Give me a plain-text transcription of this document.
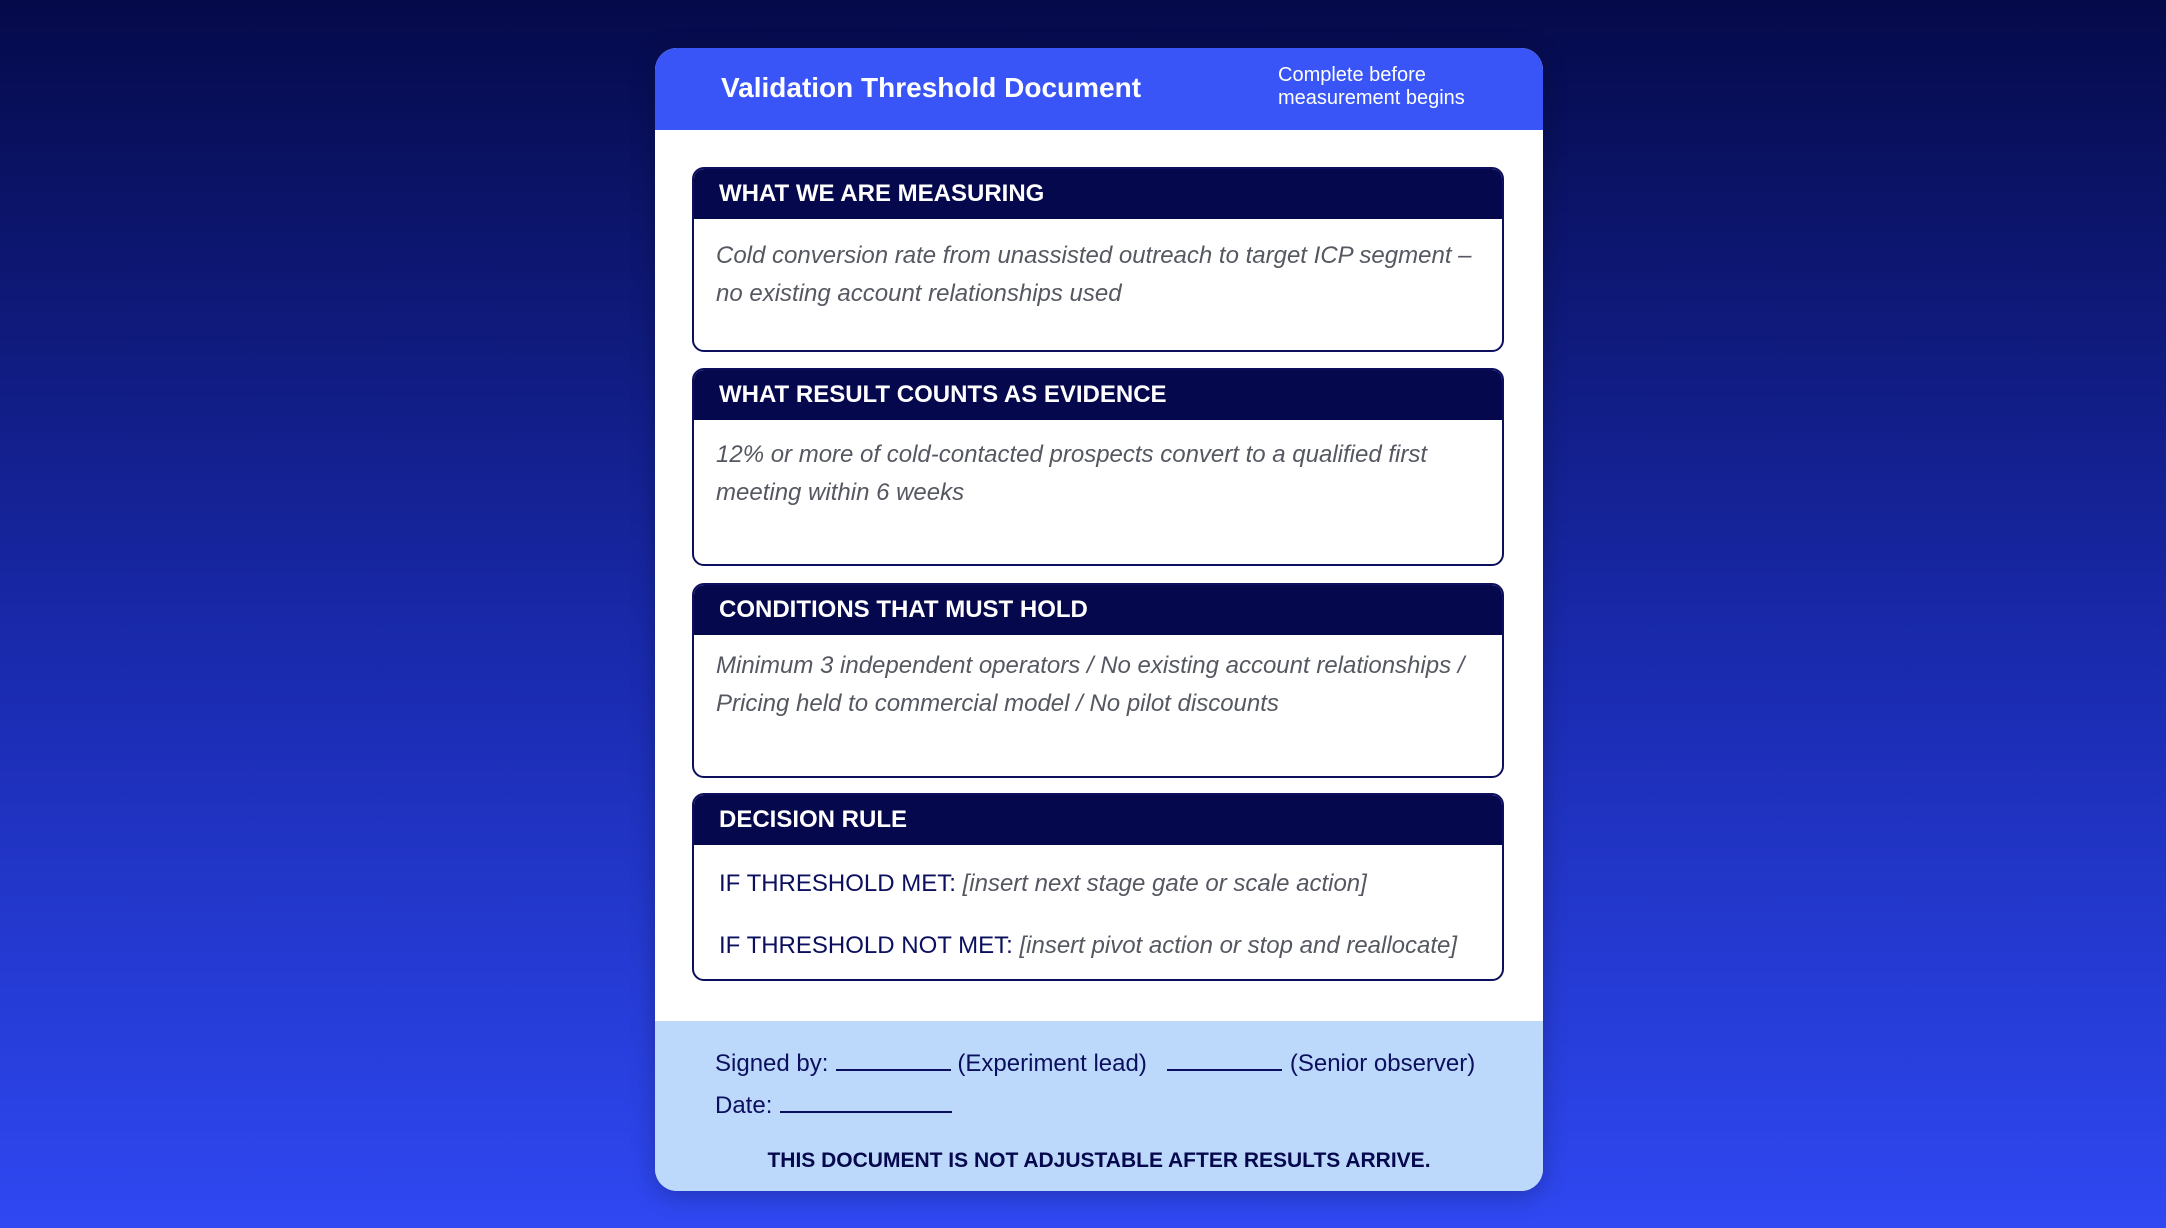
Validation Threshold Document	Complete before measurement begins
WHAT WE ARE MEASURING
Cold conversion rate from unassisted outreach to target ICP segment – no existing account relationships used
WHAT RESULT COUNTS AS EVIDENCE
12% or more of cold-contacted prospects convert to a qualified first meeting within 6 weeks
CONDITIONS THAT MUST HOLD
Minimum 3 independent operators / No existing account relationships / Pricing held to commercial model / No pilot discounts
DECISION RULE
IF THRESHOLD MET: [insert next stage gate or scale action]
IF THRESHOLD NOT MET: [insert pivot action or stop and reallocate]
Signed by:	(Experiment lead)	(Senior observer)
Date:
THIS DOCUMENT IS NOT ADJUSTABLE AFTER RESULTS ARRIVE.
